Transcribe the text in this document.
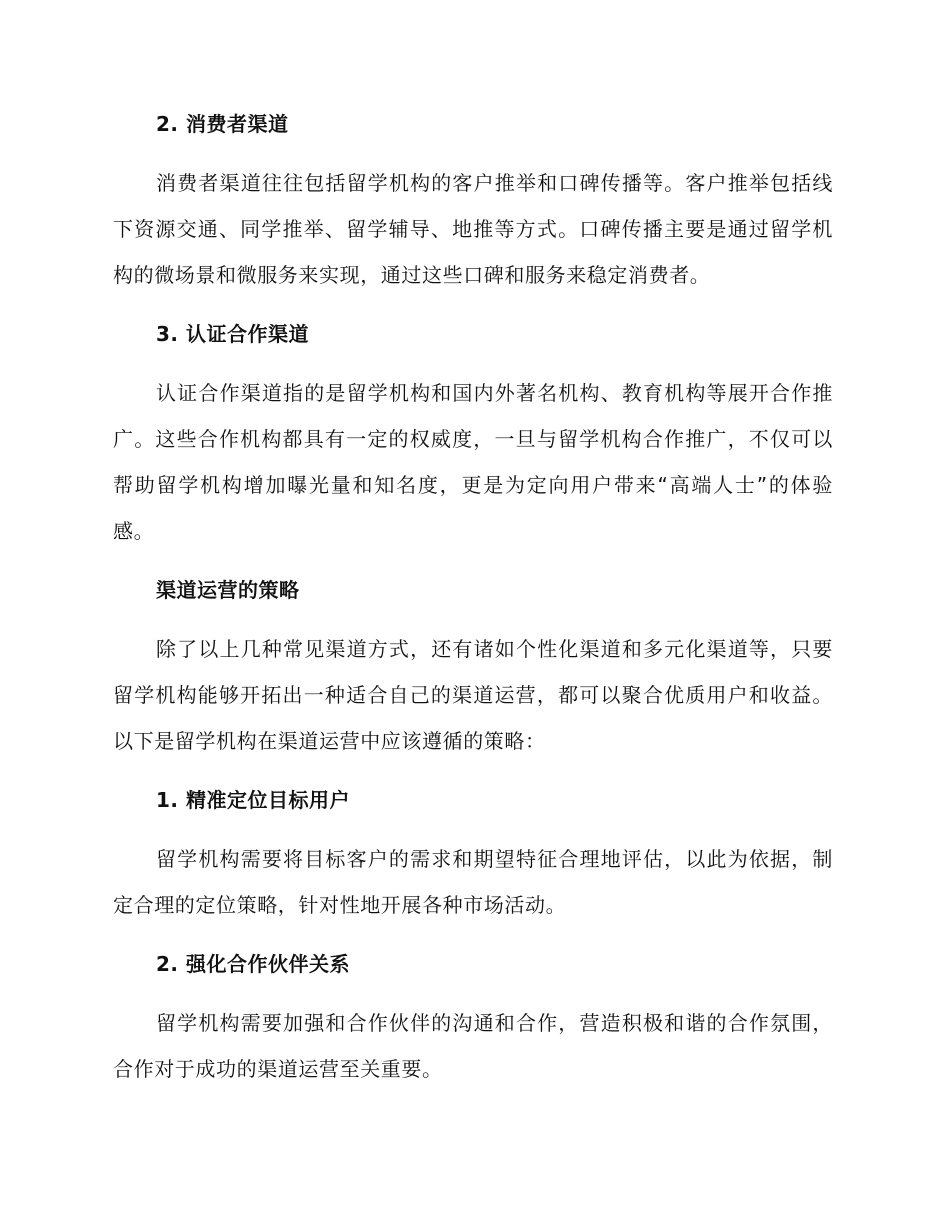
2. 消费者渠道

消费者渠道往往包括留学机构的客户推举和口碑传播等。客户推举包括线下资源交通、同学推举、留学辅导、地推等方式。口碑传播主要是通过留学机构的微场景和微服务来实现，通过这些口碑和服务来稳定消费者。

3. 认证合作渠道

认证合作渠道指的是留学机构和国内外著名机构、教育机构等展开合作推广。这些合作机构都具有一定的权威度，一旦与留学机构合作推广，不仅可以帮助留学机构增加曝光量和知名度，更是为定向用户带来“高端人士”的体验感。

渠道运营的策略

除了以上几种常见渠道方式，还有诸如个性化渠道和多元化渠道等，只要留学机构能够开拓出一种适合自己的渠道运营，都可以聚合优质用户和收益。以下是留学机构在渠道运营中应该遵循的策略：

1. 精准定位目标用户

留学机构需要将目标客户的需求和期望特征合理地评估，以此为依据，制定合理的定位策略，针对性地开展各种市场活动。

2. 强化合作伙伴关系

留学机构需要加强和合作伙伴的沟通和合作，营造积极和谐的合作氛围，合作对于成功的渠道运营至关重要。
